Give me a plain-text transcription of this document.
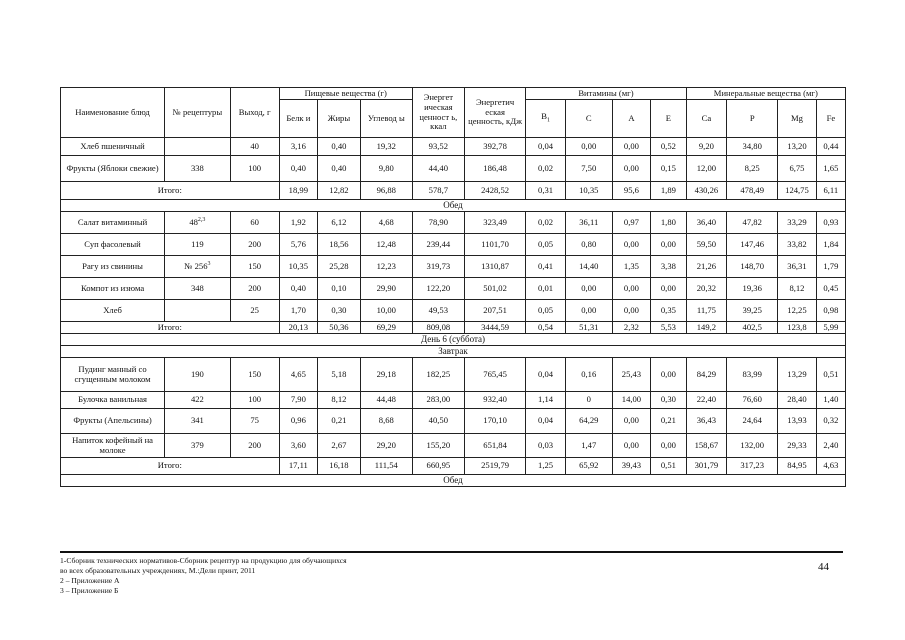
Наименование блюд	№ рецептуры	Выход, г	Пищевые вещества (г)			Энергет ическая ценност ь, ккал	Энергетич еская ценность, кДж	Витамины (мг)				Минеральные вещества (мг)			
			Белк и	Жиры	Углевод ы			$B_1$	C	A	E	Ca	P	Mg	Fe
Хлеб пшеничный		40	3,16	0,40	19,32	93,52	392,78	0,04	0,00	0,00	0,52	9,20	34,80	13,20	0,44
Фрукты (Яблоки свежие)	338	100	0,40	0,40	9,80	44,40	186,48	0,02	7,50	0,00	0,15	12,00	8,25	6,75	1,65
Итого:			18,99	12,82	96,88	578,7	2428,52	0,31	10,35	95,6	1,89	430,26	478,49	124,75	6,11
Обед															
Салат витаминный	48$^{2,3}$	60	1,92	6,12	4,68	78,90	323,49	0,02	36,11	0,97	1,80	36,40	47,82	33,29	0,93
Суп фасолевый	119	200	5,76	18,56	12,48	239,44	1101,70	0,05	0,80	0,00	0,00	59,50	147,46	33,82	1,84
Рагу из свинины	№ $256^3$	150	10,35	25,28	12,23	319,73	1310,87	0,41	14,40	1,35	3,38	21,26	148,70	36,31	1,79
Компот из изюма	348	200	0,40	0,10	29,90	122,20	501,02	0,01	0,00	0,00	0,00	20,32	19,36	8,12	0,45
Хлеб		25	1,70	0,30	10,00	49,53	207,51	0,05	0,00	0,00	0,35	11,75	39,25	12,25	0,98
Итого:			20,13	50,36	69,29	809,08	3444,59	0,54	51,31	2,32	5,53	149,2	402,5	123,8	5,99
День 6 (суббота)															
Завтрак															
Пудинг манный со сгущенным молоком	190	150	4,65	5,18	29,18	182,25	765,45	0,04	0,16	25,43	0,00	84,29	83,99	13,29	0,51
Булочка ванильная	422	100	7,90	8,12	44,48	283,00	932,40	1,14	0	14,00	0,30	22,40	76,60	28,40	1,40
Фрукты (Апельсины)	341	75	0,96	0,21	8,68	40,50	170,10	0,04	64,29	0,00	0,21	36,43	24,64	13,93	0,32
Напиток кофейный на молоке	379	200	3,60	2,67	29,20	155,20	651,84	0,03	1,47	0,00	0,00	158,67	132,00	29,33	2,40
Итого:			17,11	16,18	111,54	660,95	2519,79	1,25	65,92	39,43	0,51	301,79	317,23	84,95	4,63
Обед															
1-Сборник технических нормативов-Сборник рецептур на продукцию для обучающихся
во всех образовательных учреждениях, М.:Дели принт, 2011
2 – Приложение А
3 – Приложение Б
44
